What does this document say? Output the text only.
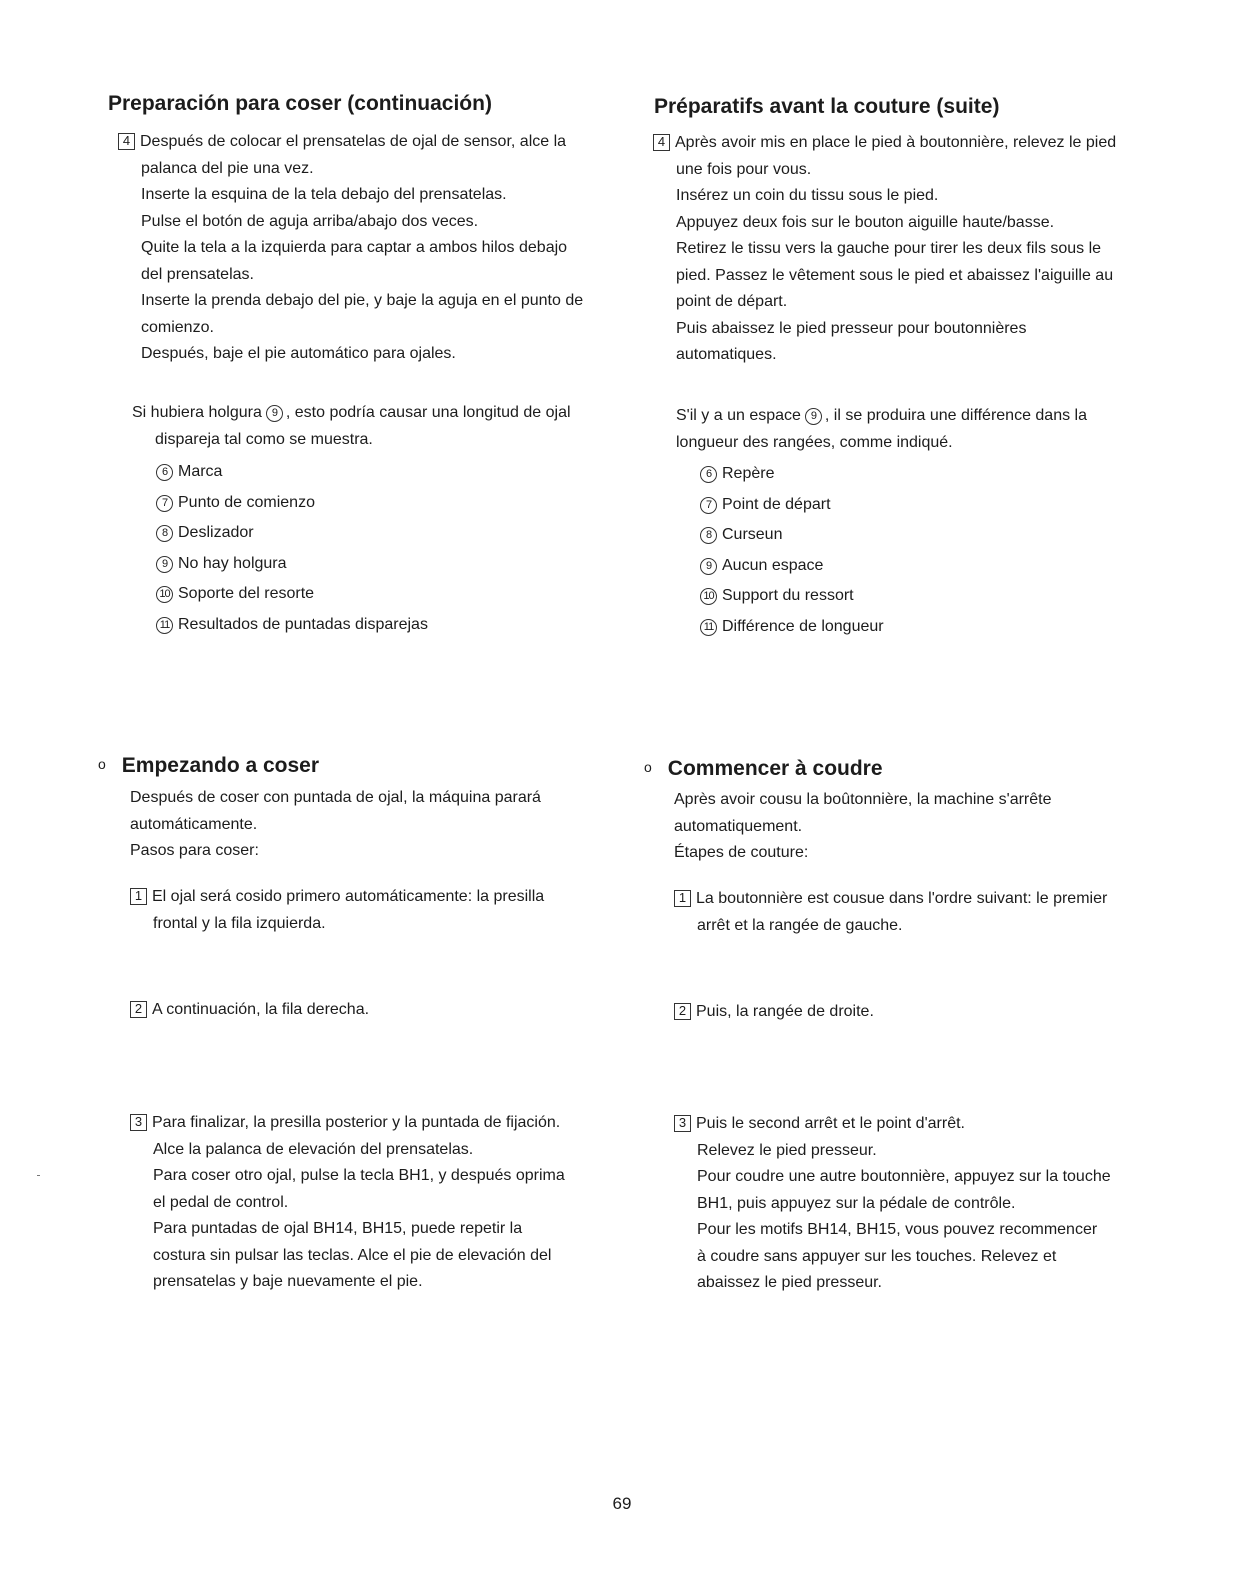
Preparación para coser (continuación)
4 Después de colocar el prensatelas de ojal de sensor, alce la
palanca del pie una vez.
Inserte la esquina de la tela debajo del prensatelas.
Pulse el botón de aguja arriba/abajo dos veces.
Quite la tela a la izquierda para captar a ambos hilos debajo
del prensatelas.
Inserte la prenda debajo del pie, y baje la aguja en el punto de
comienzo.
Después, baje el pie automático para ojales.
Si hubiera holgura 9 , esto podría causar una longitud de ojal
dispareja tal como se muestra.
6 Marca
7 Punto de comienzo
8 Deslizador
9 No hay holgura
10 Soporte del resorte
11 Resultados de puntadas disparejas
o Empezando a coser
Después de coser con puntada de ojal, la máquina parará
automáticamente.
Pasos para coser:
1 El ojal será cosido primero automáticamente: la presilla
frontal y la fila izquierda.
2 A continuación, la fila derecha.
3 Para finalizar, la presilla posterior y la puntada de fijación.
Alce la palanca de elevación del prensatelas.
Para coser otro ojal, pulse la tecla BH1, y después oprima
el pedal de control.
Para puntadas de ojal BH14, BH15, puede repetir la
costura sin pulsar las teclas. Alce el pie de elevación del
prensatelas y baje nuevamente el pie.
Préparatifs avant la couture (suite)
4 Après avoir mis en place le pied à boutonnière, relevez le pied
une fois pour vous.
Insérez un coin du tissu sous le pied.
Appuyez deux fois sur le bouton aiguille haute/basse.
Retirez le tissu vers la gauche pour tirer les deux fils sous le
pied. Passez le vêtement sous le pied et abaissez l'aiguille au
point de départ.
Puis abaissez le pied presseur pour boutonnières
automatiques.
S'il y a un espace 9 , il se produira une différence dans la
longueur des rangées, comme indiqué.
6 Repère
7 Point de départ
8 Curseun
9 Aucun espace
10 Support du ressort
11 Différence de longueur
o Commencer à coudre
Après avoir cousu la boûtonnière, la machine s'arrête
automatiquement.
Étapes de couture:
1 La boutonnière est cousue dans l'ordre suivant: le premier
arrêt et la rangée de gauche.
2 Puis, la rangée de droite.
3 Puis le second arrêt et le point d'arrêt.
Relevez le pied presseur.
Pour coudre une autre boutonnière, appuyez sur la touche
BH1, puis appuyez sur la pédale de contrôle.
Pour les motifs BH14, BH15, vous pouvez recommencer
à coudre sans appuyer sur les touches. Relevez et
abaissez le pied presseur.
69
